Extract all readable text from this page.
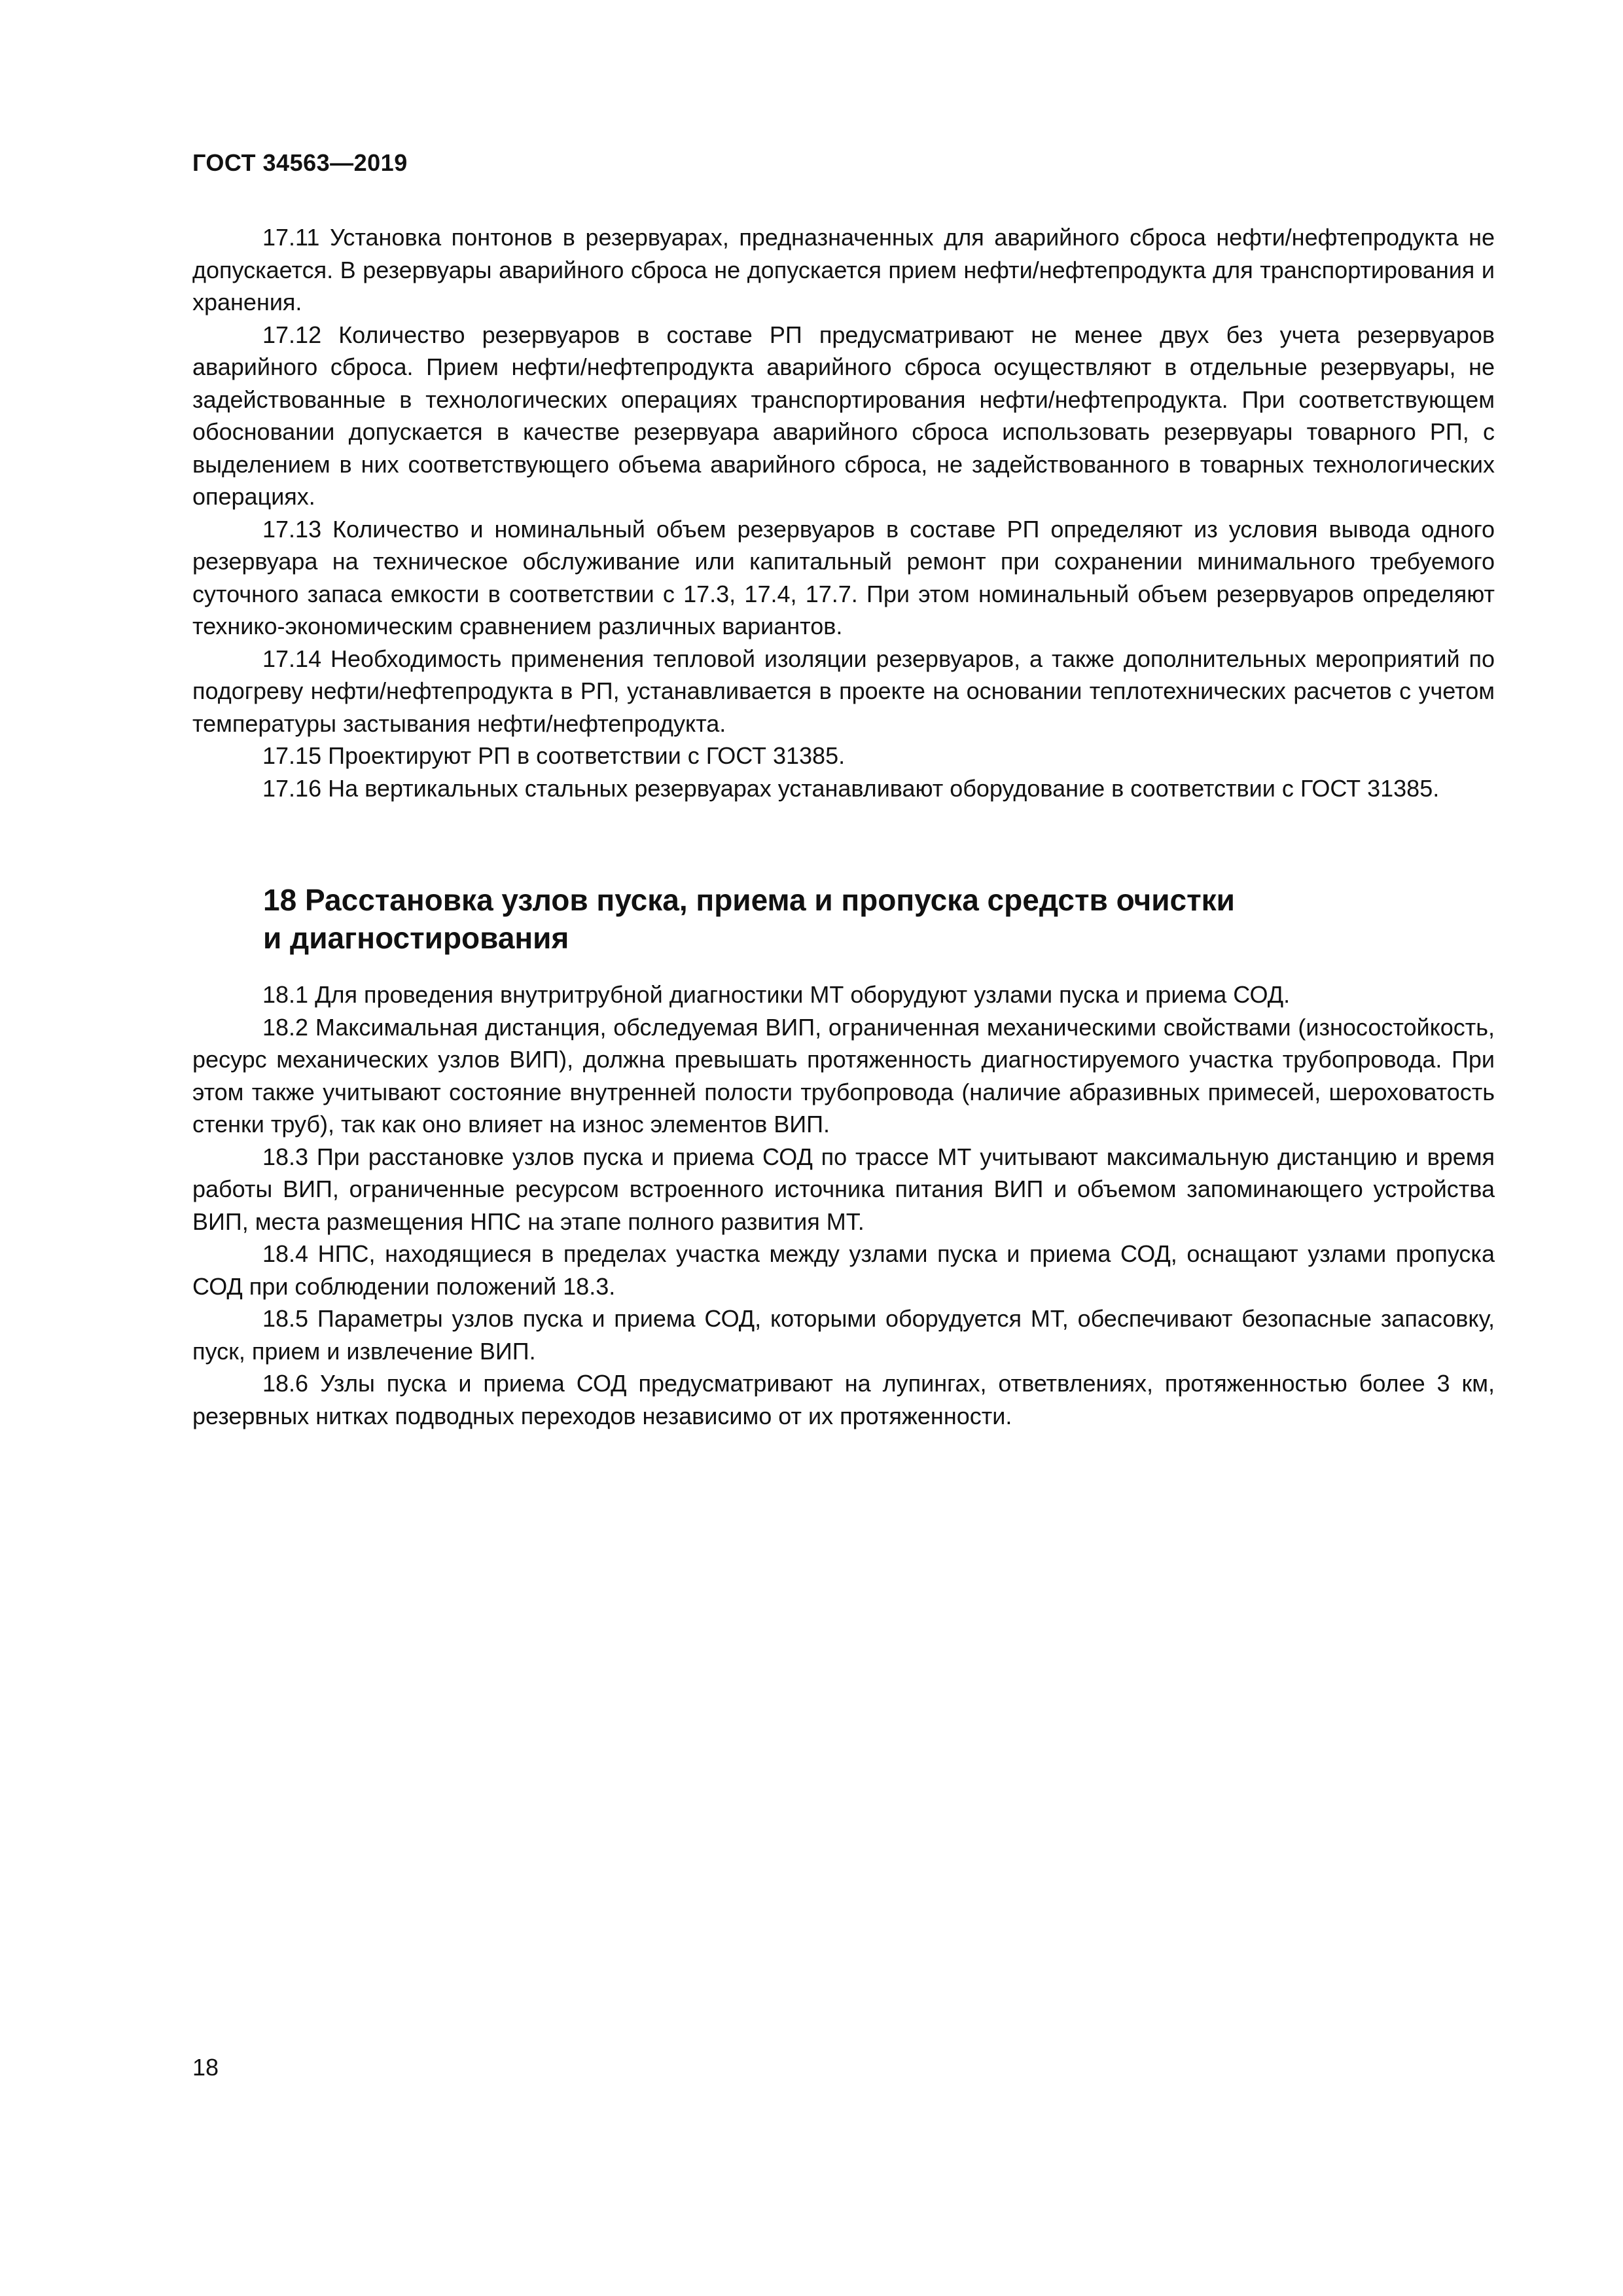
ГОСТ 34563—2019

17.11 Установка понтонов в резервуарах, предназначенных для аварийного сброса нефти/нефтепродукта не допускается. В резервуары аварийного сброса не допускается прием нефти/нефтепродукта для транспортирования и хранения.

17.12 Количество резервуаров в составе РП предусматривают не менее двух без учета резервуаров аварийного сброса. Прием нефти/нефтепродукта аварийного сброса осуществляют в отдельные резервуары, не задействованные в технологических операциях транспортирования нефти/нефтепродукта. При соответствующем обосновании допускается в качестве резервуара аварийного сброса использовать резервуары товарного РП, с выделением в них соответствующего объема аварийного сброса, не задействованного в товарных технологических операциях.

17.13 Количество и номинальный объем резервуаров в составе РП определяют из условия вывода одного резервуара на техническое обслуживание или капитальный ремонт при сохранении минимального требуемого суточного запаса емкости в соответствии с 17.3, 17.4, 17.7. При этом номинальный объем резервуаров определяют технико-экономическим сравнением различных вариантов.

17.14 Необходимость применения тепловой изоляции резервуаров, а также дополнительных мероприятий по подогреву нефти/нефтепродукта в РП, устанавливается в проекте на основании теплотехнических расчетов с учетом температуры застывания нефти/нефтепродукта.

17.15 Проектируют РП в соответствии с ГОСТ 31385.

17.16 На вертикальных стальных резервуарах устанавливают оборудование в соответствии с ГОСТ 31385.

18 Расстановка узлов пуска, приема и пропуска средств очистки
и диагностирования

18.1 Для проведения внутритрубной диагностики МТ оборудуют узлами пуска и приема СОД.

18.2 Максимальная дистанция, обследуемая ВИП, ограниченная механическими свойствами (износостойкость, ресурс механических узлов ВИП), должна превышать протяженность диагностируемого участка трубопровода. При этом также учитывают состояние внутренней полости трубопровода (наличие абразивных примесей, шероховатость стенки труб), так как оно влияет на износ элементов ВИП.

18.3 При расстановке узлов пуска и приема СОД по трассе МТ учитывают максимальную дистанцию и время работы ВИП, ограниченные ресурсом встроенного источника питания ВИП и объемом запоминающего устройства ВИП, места размещения НПС на этапе полного развития МТ.

18.4 НПС, находящиеся в пределах участка между узлами пуска и приема СОД, оснащают узлами пропуска СОД при соблюдении положений 18.3.

18.5 Параметры узлов пуска и приема СОД, которыми оборудуется МТ, обеспечивают безопасные запасовку, пуск, прием и извлечение ВИП.

18.6 Узлы пуска и приема СОД предусматривают на лупингах, ответвлениях, протяженностью более 3 км, резервных нитках подводных переходов независимо от их протяженности.

18
